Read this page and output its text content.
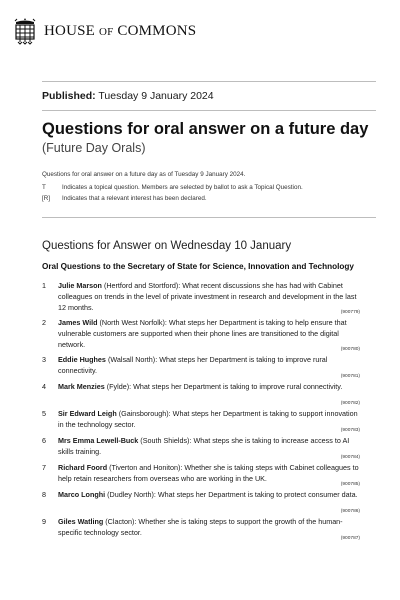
HOUSE OF COMMONS
Published: Tuesday 9 January 2024
Questions for oral answer on a future day
(Future Day Orals)
Questions for oral answer on a future day as of Tuesday 9 January 2024.
T	Indicates a topical question. Members are selected by ballot to ask a Topical Question.
[R]	Indicates that a relevant interest has been declared.
Questions for Answer on Wednesday 10 January
Oral Questions to the Secretary of State for Science, Innovation and Technology
1	Julie Marson (Hertford and Stortford): What recent discussions she has had with Cabinet colleagues on trends in the level of private investment in research and development in the last 12 months.
(900779)
2	James Wild (North West Norfolk): What steps her Department is taking to help ensure that vulnerable customers are supported when their phone lines are transitioned to the digital network.
(900780)
3	Eddie Hughes (Walsall North): What steps her Department is taking to improve rural connectivity.
(900781)
4	Mark Menzies (Fylde): What steps her Department is taking to improve rural connectivity.
(900782)
5	Sir Edward Leigh (Gainsborough): What steps her Department is taking to support innovation in the technology sector.
(900783)
6	Mrs Emma Lewell-Buck (South Shields): What steps she is taking to increase access to AI skills training.
(900784)
7	Richard Foord (Tiverton and Honiton): Whether she is taking steps with Cabinet colleagues to help retain researchers from overseas who are working in the UK.
(900785)
8	Marco Longhi (Dudley North): What steps her Department is taking to protect consumer data.
(900786)
9	Giles Watling (Clacton): Whether she is taking steps to support the growth of the human-specific technology sector.
(900787)
